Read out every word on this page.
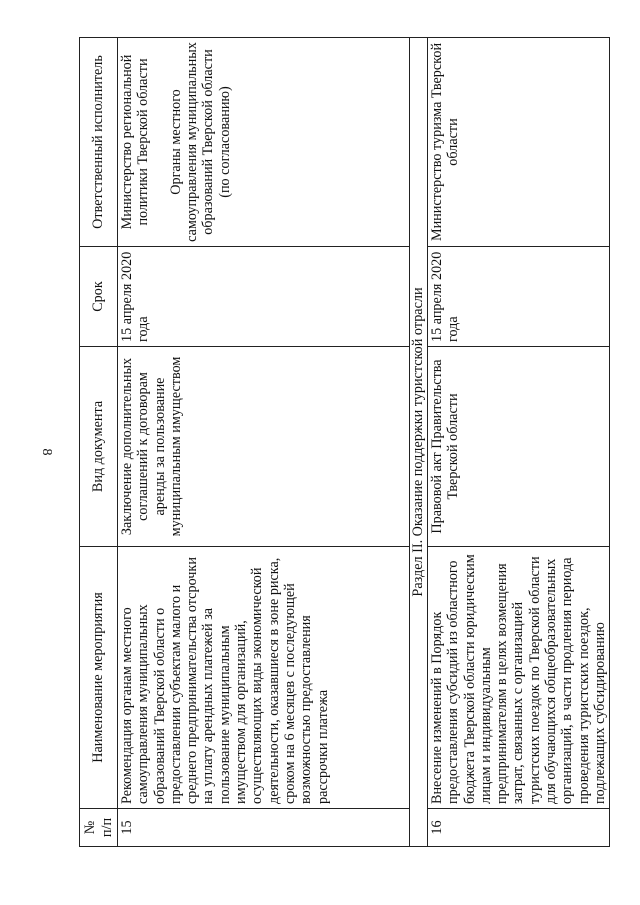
8
№
п/п	Наименование мероприятия	Вид документа	Срок	Ответственный исполнитель
15	Рекомендация органам местного самоуправления муниципальных образований Тверской области о предоставлении субъектам малого и среднего предпринимательства отсрочки на уплату арендных платежей за пользование муниципальным имуществом для организаций, осуществляющих виды экономической деятельности, оказавшиеся в зоне риска, сроком на 6 месяцев с последующей возможностью предоставления рассрочки платежа	Заключение дополнительных соглашений к договорам аренды за пользование муниципальным имуществом	15 апреля 2020 года	Министерство региональной политики Тверской области

Органы местного самоуправления муниципальных образований Тверской области (по согласованию)
Раздел II. Оказание поддержки туристской отрасли				
16	Внесение изменений в Порядок предоставления субсидий из областного бюджета Тверской области юридическим лицам и индивидуальным предпринимателям в целях возмещения затрат, связанных с организацией туристских поездок по Тверской области для обучающихся общеобразовательных организаций, в части продления периода проведения туристских поездок, подлежащих субсидированию	Правовой акт Правительства Тверской области	15 апреля 2020 года	Министерство туризма Тверской области
